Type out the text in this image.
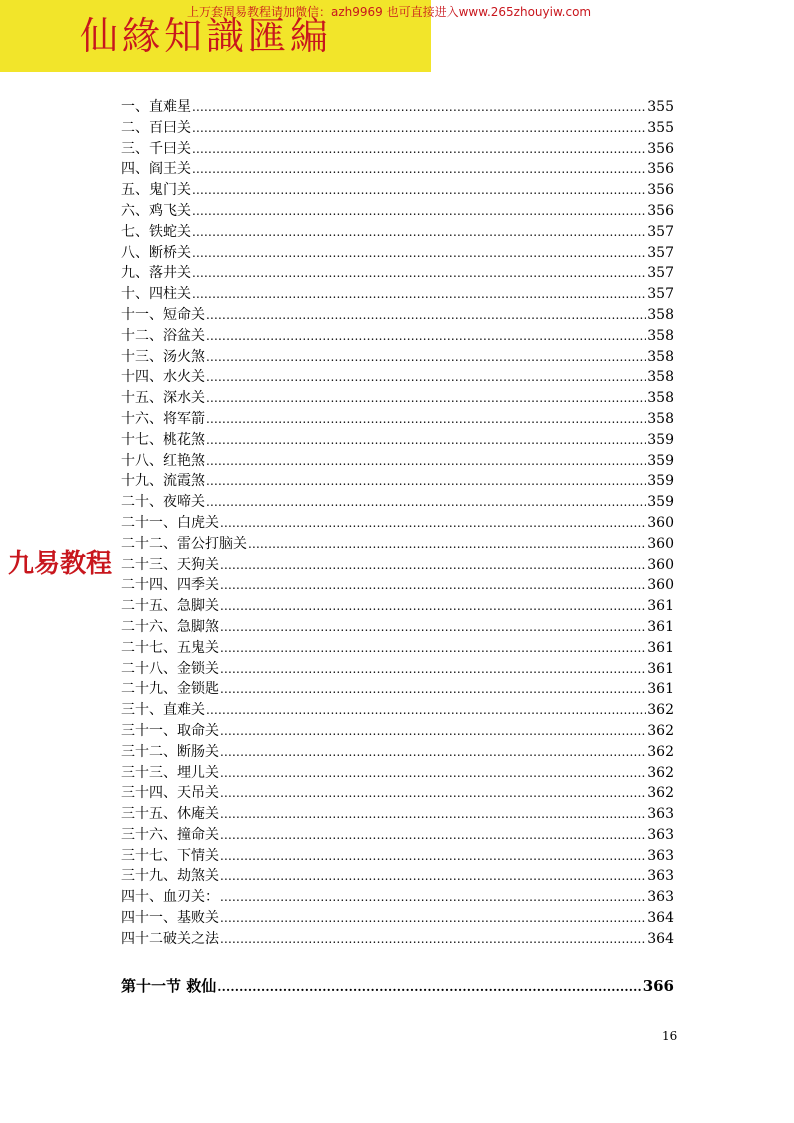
仙緣知識匯編
上万套周易教程请加微信：azh9969 也可直接进入www.265zhouyiw.com
九易教程
一、直难星 .....	355
二、百曰关 .....	355
三、千曰关 .....	356
四、阎王关 .....	356
五、鬼门关 .....	356
六、鸡飞关 .....	356
七、铁蛇关 .....	357
八、断桥关 .....	357
九、落井关 .....	357
十、四柱关 .....	357
十一、短命关 .....	358
十二、浴盆关 .....	358
十三、汤火煞 .....	358
十四、水火关 .....	358
十五、深水关 .....	358
十六、将军箭 .....	358
十七、桃花煞 .....	359
十八、红艳煞 .....	359
十九、流霞煞 .....	359
二十、夜啼关 .....	359
二十一、白虎关 .....	360
二十二、雷公打脑关 .....	360
二十三、天狗关 .....	360
二十四、四季关 .....	360
二十五、急脚关 .....	361
二十六、急脚煞 .....	361
二十七、五鬼关 .....	361
二十八、金锁关 .....	361
二十九、金锁匙 .....	361
三十、直难关 .....	362
三十一、取命关 .....	362
三十二、断肠关 .....	362
三十三、埋儿关 .....	362
三十四、天吊关 .....	362
三十五、休庵关 .....	363
三十六、撞命关 .....	363
三十七、下情关 .....	363
三十九、劫煞关 .....	363
四十、血刃关： .....	363
四十一、基败关 .....	364
四十二破关之法 .....	364
第十一节 救仙 .....	366
16
